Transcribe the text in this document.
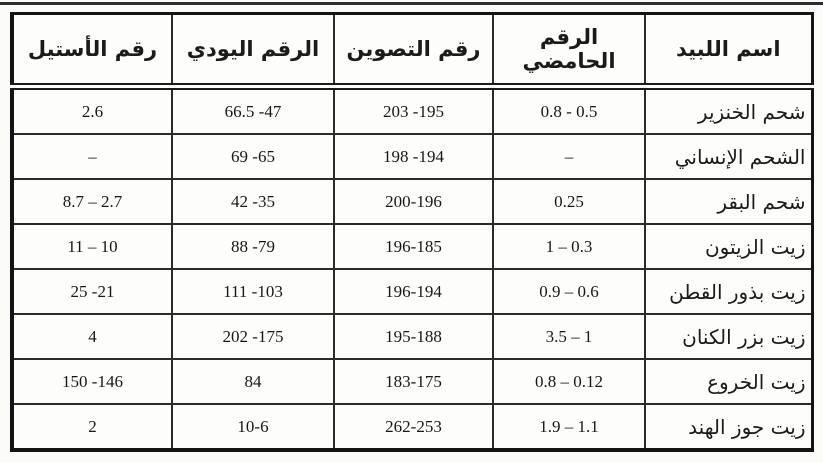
اسم اللبيد	الرقم الحامضي	رقم التصوين	الرقم اليودي	رقم الأستيل
شحم الخنزير	0.8 - 0.5	203 -195	66.5 -47	2.6
الشحم الإنساني	–	198 -194	69 -65	–
شحم البقر	0.25	200-196	42 -35	8.7 – 2.7
زيت الزيتون	1 – 0.3	196-185	88 -79	11 – 10
زيت بذور القطن	0.9 – 0.6	196-194	111 -103	25 -21
زيت بزر الكنان	3.5 – 1	195-188	202 -175	4
زيت الخروع	0.8 – 0.12	183-175	84	150 -146
زيت جوز الهند	1.9 – 1.1	262-253	10-6	2
